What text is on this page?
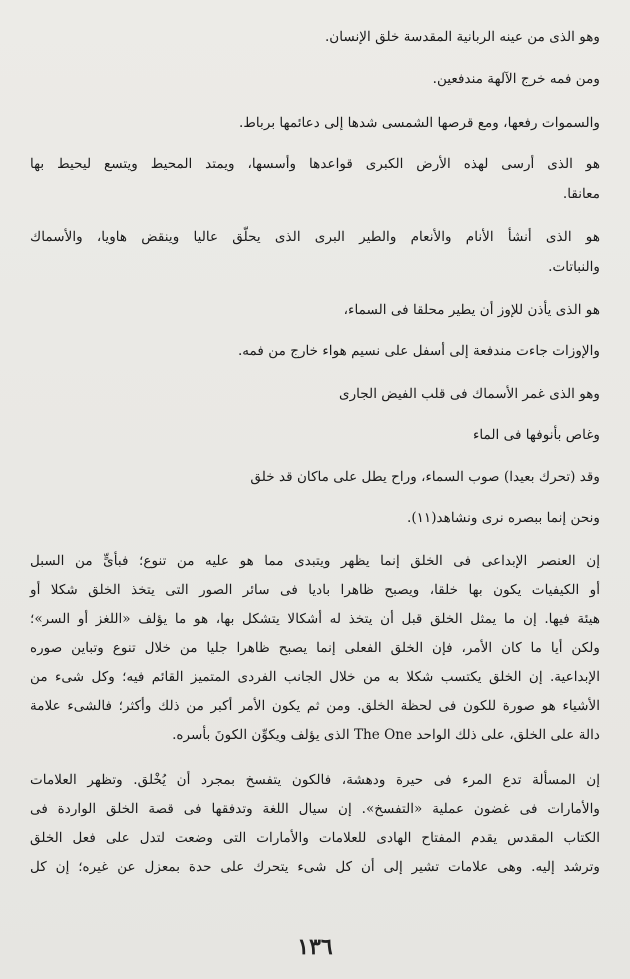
وهو الذى من عينه الربانية المقدسة خلق الإنسان.
ومن فمه خرج الآلهة مندفعين.
والسموات رفعها، ومع قرصها الشمسى شدها إلى دعائمها برباط.
هو الذى أرسى لهذه الأرض الكبرى قواعدها وأسسها، ويمتد المحيط ويتسع ليحيط بها
معانقا.
هو الذى أنشأ الأنام والأنعام والطير البرى الذى يحلّق عاليا وينقض هاويا، والأسماك
والنباتات.
هو الذى يأذن للإوز أن يطير محلقا فى السماء،
والإوزات جاءت مندفعة إلى أسفل على نسيم هواء خارج من فمه.
وهو الذى غمر الأسماك فى قلب الفيض الجارى
وغاص بأنوفها فى الماء
وقد (تحرك بعيدا) صوب السماء، وراح يطل على ماكان قد خلق
ونحن إنما ببصره نرى ونشاهد(١١).
إن العنصر الإبداعى فى الخلق إنما يظهر ويتبدى مما هو عليه من تنوع؛ فبأىٍّ من السبل
أو الكيفيات يكون بها خلقا، ويصبح ظاهرا باديا فى سائر الصور التى يتخذ الخلق شكلا أو
هيئة فيها. إن ما يمثل الخلق قبل أن يتخذ له أشكالا يتشكل بها، هو ما يؤلف «اللغز أو السر»؛
ولكن أيا ما كان الأمر، فإن الخلق الفعلى إنما يصبح ظاهرا جليا من خلال تنوع وتباين صوره
الإبداعية. إن الخلق يكتسب شكلا به من خلال الجانب الفردى المتميز القائم فيه؛ وكل شىء من
الأشياء هو صورة للكون فى لحظة الخلق. ومن ثم يكون الأمر أكبر من ذلك وأكثر؛ فالشىء علامة
دالة على الخلق، على ذلك الواحد The One الذى يؤلف ويكوِّن الكونَ بأسره.
إن المسألة تدع المرء فى حيرة ودهشة، فالكون يتفسخ بمجرد أن يُخْلق. وتظهر العلامات
والأمارات فى غضون عملية «التفسخ». إن سيال اللغة وتدفقها فى قصة الخلق الواردة فى
الكتاب المقدس يقدم المفتاح الهادى للعلامات والأمارات التى وضعت لتدل على فعل الخلق
وترشد إليه. وهى علامات تشير إلى أن كل شىء يتحرك على حدة بمعزل عن غيره؛ إن كل
١٣٦
